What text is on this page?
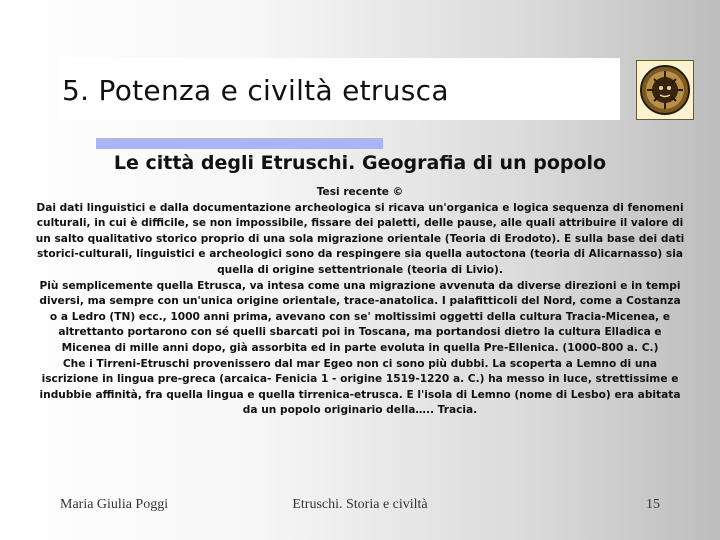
5. Potenza e civiltà etrusca
Le città degli Etruschi. Geografia di un popolo

Tesi recente ©

Dai dati linguistici e dalla documentazione archeologica si ricava un'organica e logica sequenza di fenomeni culturali, in cui è difficile, se non impossibile, fissare dei paletti, delle pause, alle quali attribuire il valore di un salto qualitativo storico proprio di una sola migrazione orientale (Teoria di Erodoto). E sulla base dei dati storici-culturali, linguistici e archeologici sono da respingere sia quella autoctona (teoria di Alicarnasso) sia quella di origine settentrionale (teoria di Livio).

Più semplicemente quella Etrusca, va intesa come una migrazione avvenuta da diverse direzioni e in tempi diversi, ma sempre con un'unica origine orientale, trace-anatolica. I palafitticoli del Nord, come a Costanza o a Ledro (TN) ecc., 1000 anni prima, avevano con se' moltissimi oggetti della cultura Tracia-Micenea, e altrettanto portarono con sé quelli sbarcati poi in Toscana, ma portandosi dietro la cultura Elladica e Micenea di mille anni dopo, già assorbita ed in parte evoluta in quella Pre-Ellenica. (1000-800 a. C.)

Che i Tirreni-Etruschi provenissero dal mar Egeo non ci sono più dubbi. La scoperta a Lemno di una iscrizione in lingua pre-greca (arcaica- Fenicia 1 - origine 1519-1220 a. C.) ha messo in luce, strettissime e indubbie affinità, fra quella lingua e quella tirrenica-etrusca. E l'isola di Lemno (nome di Lesbo) era abitata da un popolo originario della….. Tracia.

Maria Giulia Poggi	Etruschi. Storia e civiltà	15
